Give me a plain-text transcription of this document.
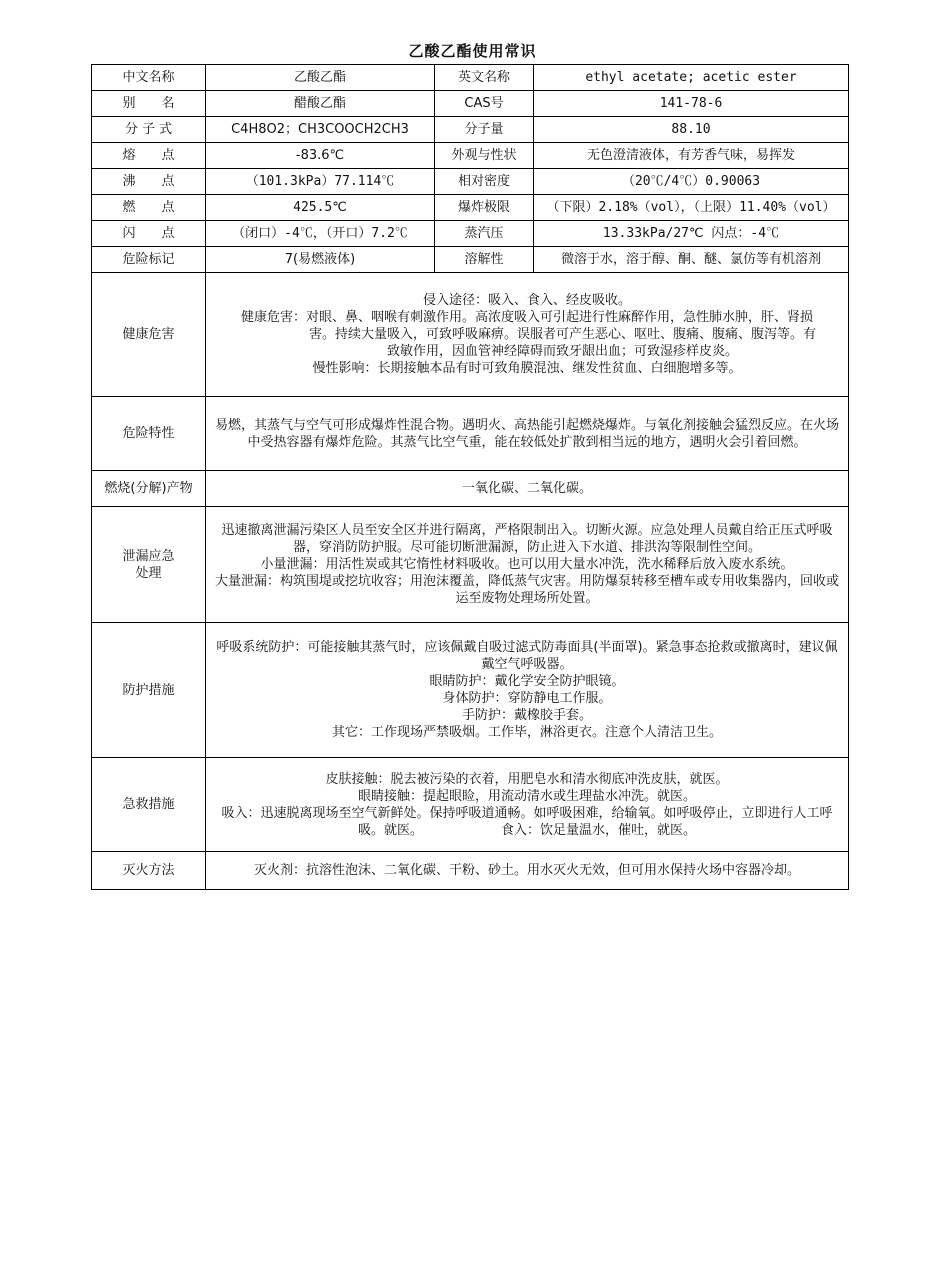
乙酸乙酯使用常识
中文名称	乙酸乙酯	英文名称	ethyl acetate; acetic ester
别　　名	醋酸乙酯	CAS号	141-78-6
分 子 式	C4H8O2；CH3COOCH2CH3	分子量	88.10
熔　　点	-83.6℃	外观与性状	无色澄清液体，有芳香气味，易挥发
沸　　点	（101.3kPa）77.114℃	相对密度	（20℃/4℃）0.90063
燃　　点	425.5℃	爆炸极限	（下限）2.18%（vol），（上限）11.40%（vol）
闪　　点	（闭口）-4℃，（开口）7.2℃	蒸汽压	13.33kPa/27℃ 闪点：-4℃
危险标记	7(易燃液体)	溶解性	微溶于水，溶于醇、酮、醚、氯仿等有机溶剂
健康危害	侵入途径：吸入、食入、经皮吸收。
健康危害：对眼、鼻、咽喉有刺激作用。高浓度吸入可引起进行性麻醉作用，急性肺水肿，肝、肾损
害。持续大量吸入，可致呼吸麻痹。误服者可产生恶心、呕吐、腹痛、腹痛、腹泻等。有
致敏作用，因血管神经障碍而致牙龈出血；可致湿疹样皮炎。
慢性影响：长期接触本品有时可致角膜混浊、继发性贫血、白细胞增多等。		

危险特性	易燃，其蒸气与空气可形成爆炸性混合物。遇明火、高热能引起燃烧爆炸。与氧化剂接触会猛烈反应。在火场中受热容器有爆炸危险。其蒸气比空气重，能在较低处扩散到相当远的地方，遇明火会引着回燃。		
燃烧(分解)产物	一氧化碳、二氧化碳。		

泄漏应急
处理	迅速撤离泄漏污染区人员至安全区并进行隔离，严格限制出入。切断火源。应急处理人员戴自给正压式呼吸器，穿消防防护服。尽可能切断泄漏源，防止进入下水道、排洪沟等限制性空间。
小量泄漏：用活性炭或其它惰性材料吸收。也可以用大量水冲洗，洗水稀释后放入废水系统。
大量泄漏：构筑围堤或挖坑收容；用泡沫覆盖，降低蒸气灾害。用防爆泵转移至槽车或专用收集器内，回收或运至废物处理场所处置。		

防护措施	呼吸系统防护：可能接触其蒸气时，应该佩戴自吸过滤式防毒面具(半面罩)。紧急事态抢救或撤离时，建议佩戴空气呼吸器。
眼睛防护：戴化学安全防护眼镜。
身体防护：穿防静电工作服。
手防护：戴橡胶手套。
其它：工作现场严禁吸烟。工作毕，淋浴更衣。注意个人清洁卫生。		

急救措施	皮肤接触：脱去被污染的衣着，用肥皂水和清水彻底冲洗皮肤，就医。
眼睛接触：提起眼睑，用流动清水或生理盐水冲洗。就医。
吸入：迅速脱离现场至空气新鲜处。保持呼吸道通畅。如呼吸困难，给输氧。如呼吸停止，立即进行人工呼吸。就医。 食入：饮足量温水，催吐，就医。		

灭火方法	灭火剂：抗溶性泡沫、二氧化碳、干粉、砂土。用水灭火无效，但可用水保持火场中容器冷却。		
